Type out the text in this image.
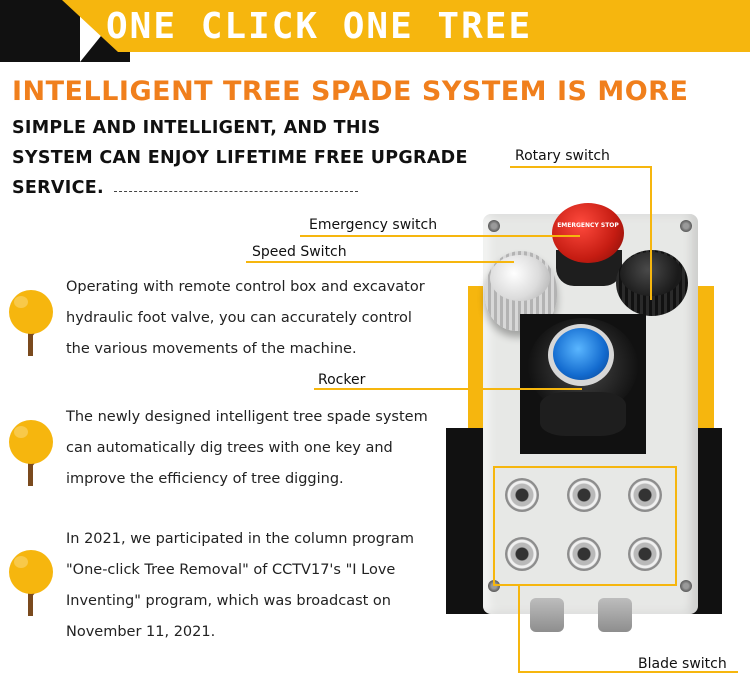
ONE CLICK ONE TREE
INTELLIGENT TREE SPADE SYSTEM IS MORE
SIMPLE AND INTELLIGENT, AND THIS
SYSTEM CAN ENJOY LIFETIME FREE UPGRADE
SERVICE.
Operating with remote control box and excavator
hydraulic foot valve, you can accurately control
the various movements of the machine.
The newly designed intelligent tree spade system
can automatically dig trees with one key and
improve the efficiency of tree digging.
In 2021, we participated in the column program
"One-click Tree Removal" of CCTV17's "I Love
Inventing" program, which was broadcast on
November 11, 2021.
EMERGENCY STOP
Rotary switch
Emergency switch
Speed Switch
Rocker
Blade switch
